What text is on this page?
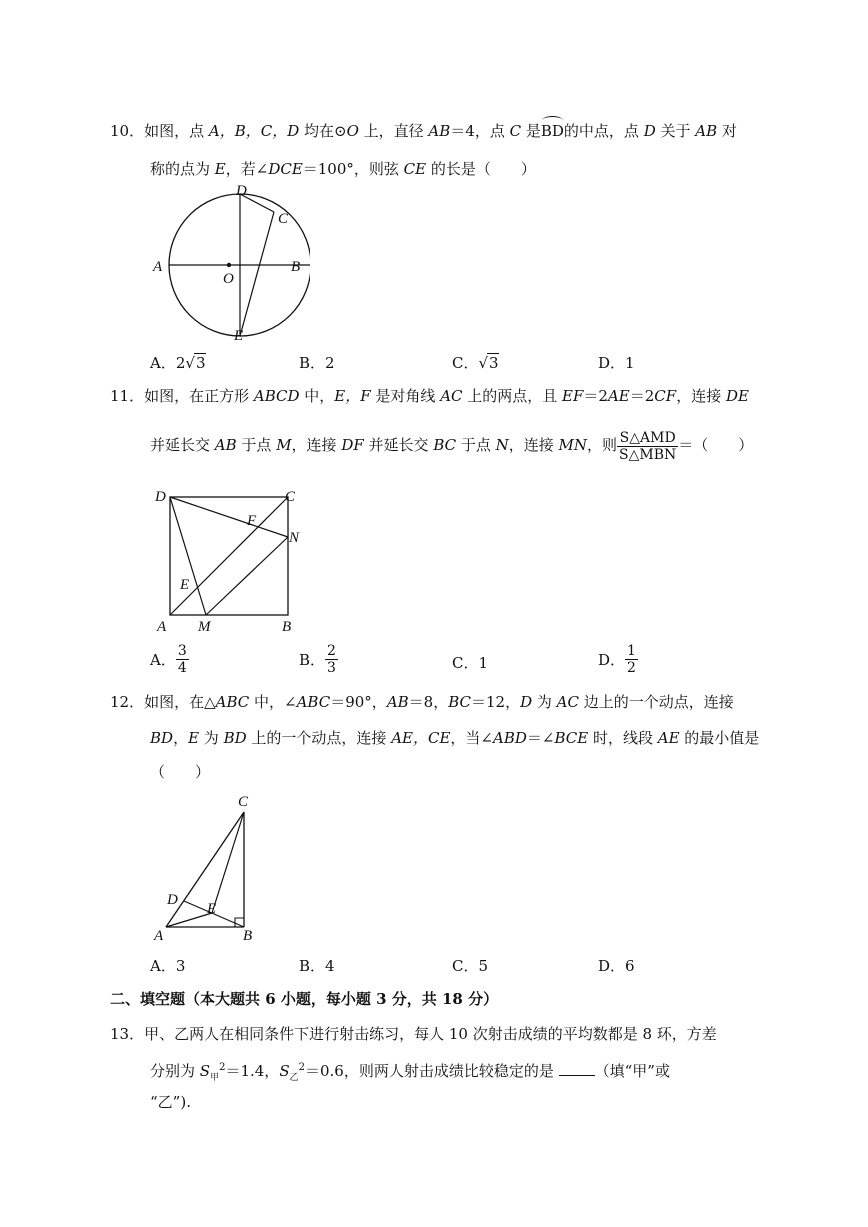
10．如图，点 A，B，C，D 均在⊙O 上，直径 AB＝4，点 C 是BD的中点，点 D 关于 AB 对
称的点为 E，若∠DCE＝100°，则弦 CE 的长是（　　）
D
C
A
O
B
E
A．2√3	B．2	C．√3	D．1
11．如图，在正方形 ABCD 中，E，F 是对角线 AC 上的两点，且 EF＝2AE＝2CF，连接 DE
并延长交 AB 于点 M，连接 DF 并延长交 BC 于点 N，连接 MN，则 $\frac{\text{S△AMD}}{\text{S△MBN}}$ ＝（　　）
D	C
F
N
E
A M	B
A． $\frac{3}{4}$	B． $\frac{2}{3}$	C．1	D． $\frac{1}{2}$
12．如图，在△ABC 中，∠ABC＝90°，AB＝8，BC＝12，D 为 AC 边上的一个动点，连接
BD，E 为 BD 上的一个动点，连接 AE，CE，当∠ABD＝∠BCE 时，线段 AE 的最小值是
（　　）
C
D
E
A	B
A．3	B．4	C．5	D．6
二、填空题（本大题共 6 小题，每小题 3 分，共 18 分）
13．甲、乙两人在相同条件下进行射击练习，每人 10 次射击成绩的平均数都是 8 环，方差
分别为 $S_甲^2=1.4$，$S_乙^2=0.6$，则两人射击成绩比较稳定的是 （填“甲”或
“乙”).
